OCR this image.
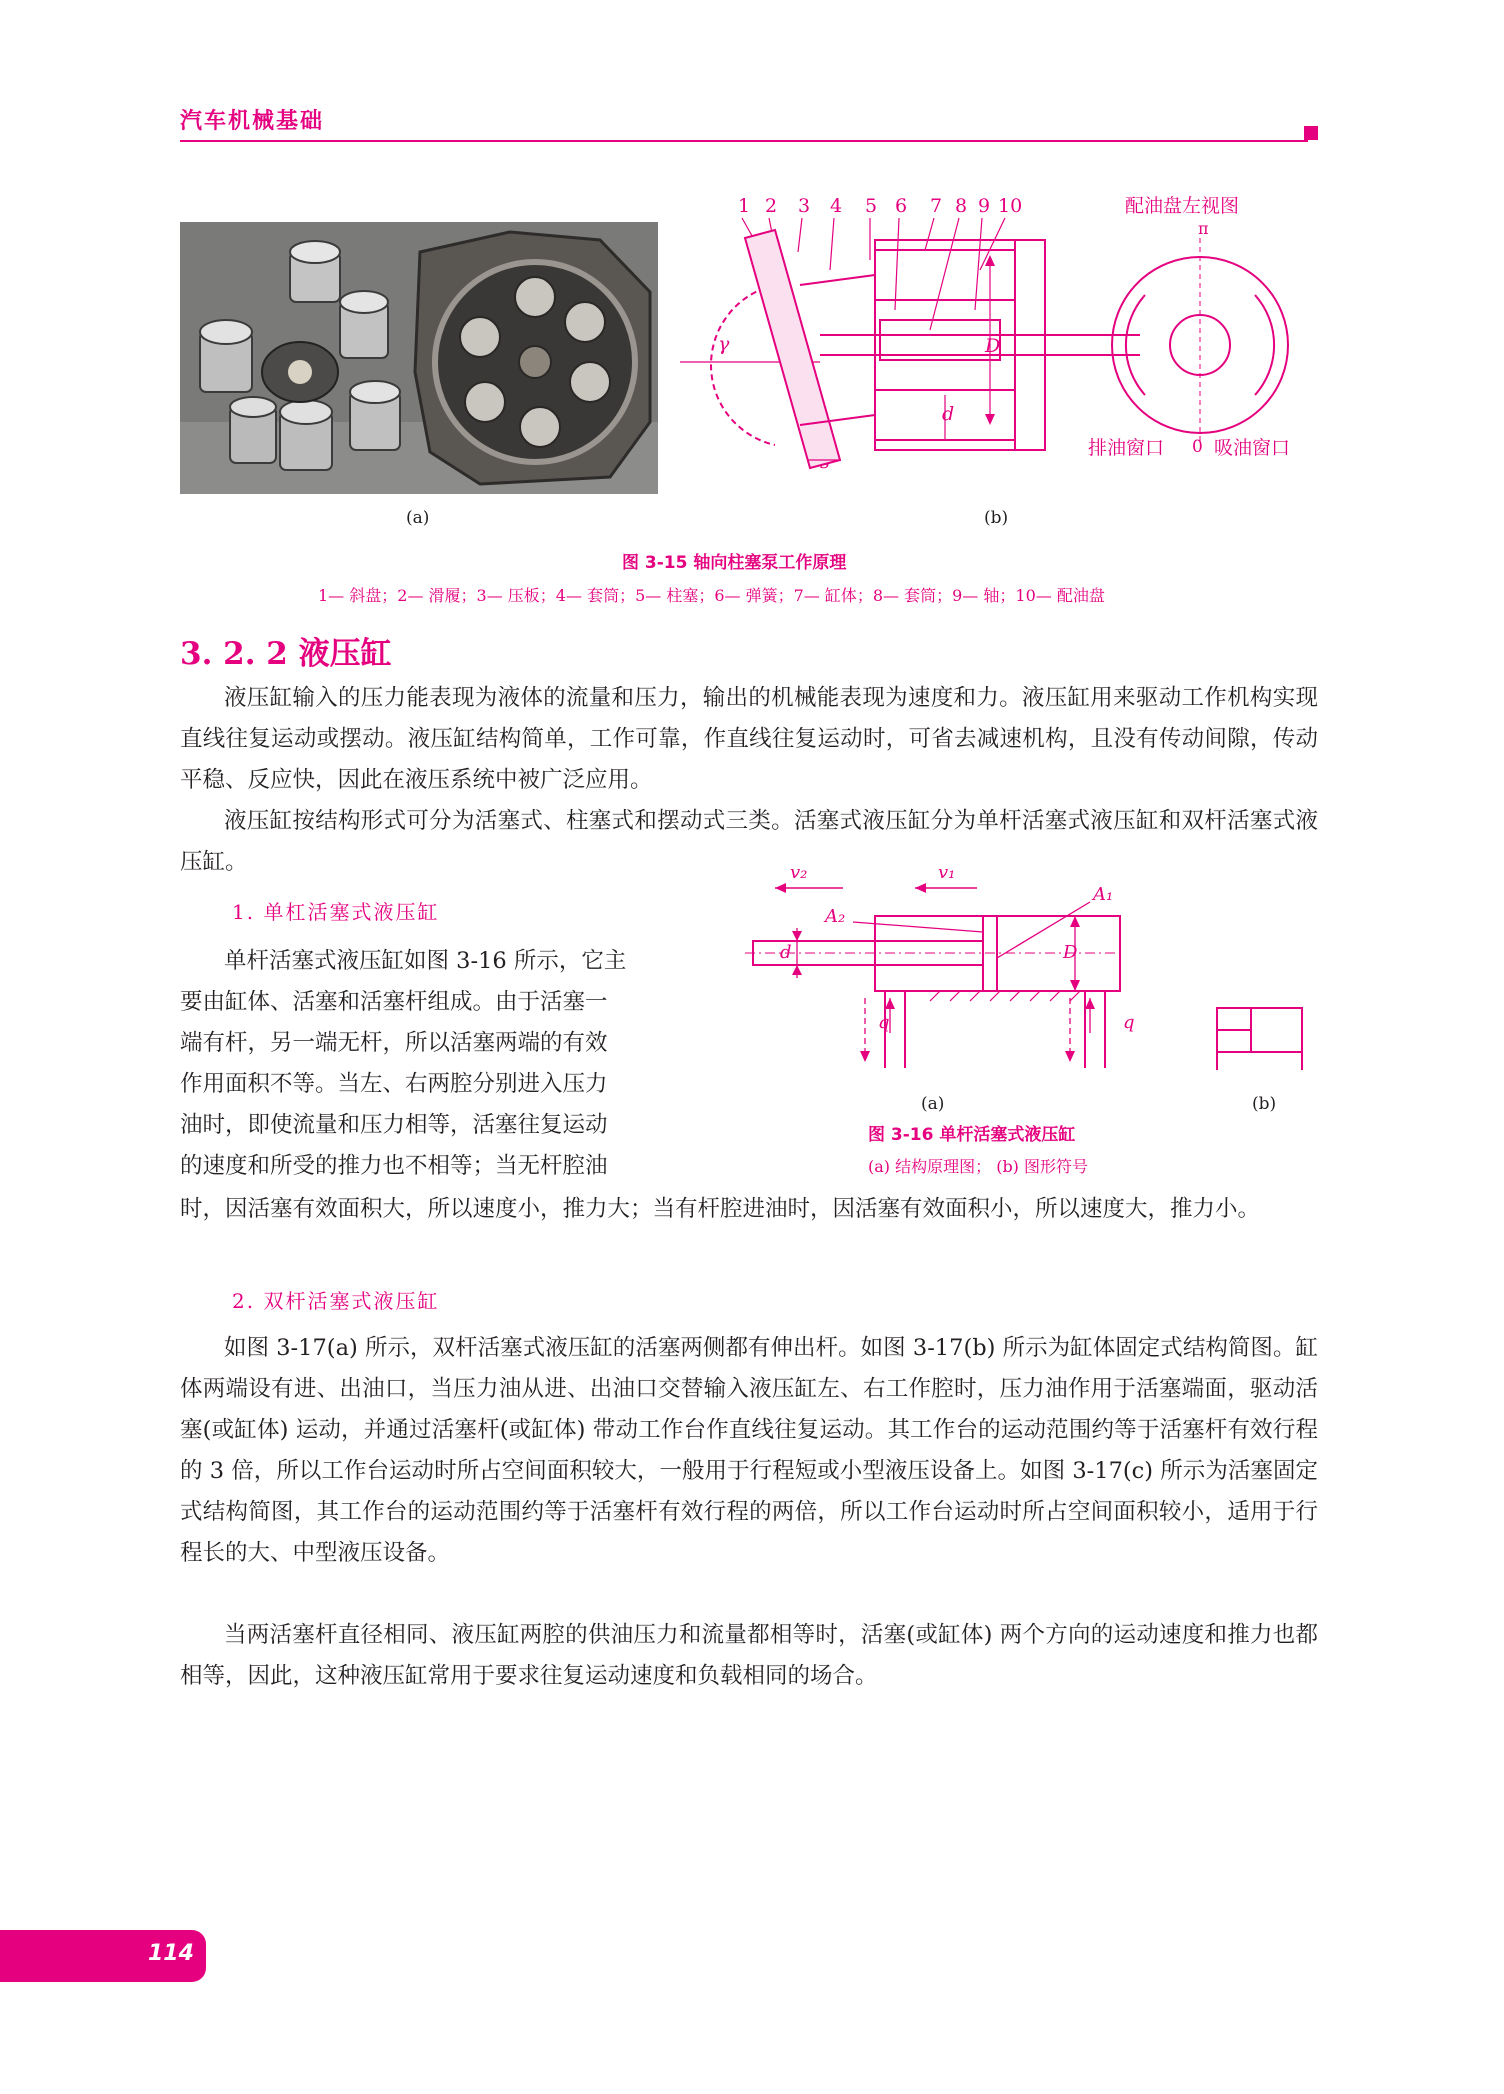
汽车机械基础
1 2 3 4 5 6 7 8 9 10	配油盘左视图
π
0
排油窗口	吸油窗口
γ
d
D
(a)	(b)
图 3-15 轴向柱塞泵工作原理
1— 斜盘；2— 滑履；3— 压板；4— 套筒；5— 柱塞；6— 弹簧；7— 缸体；8— 套筒；9— 轴；10— 配油盘
3. 2. 2 液压缸
液压缸输入的压力能表现为液体的流量和压力，输出的机械能表现为速度和力。液压缸用来驱动工作机构实现直线往复运动或摆动。液压缸结构简单，工作可靠，作直线往复运动时，可省去减速机构，且没有传动间隙，传动平稳、反应快，因此在液压系统中被广泛应用。
液压缸按结构形式可分为活塞式、柱塞式和摆动式三类。活塞式液压缸分为单杆活塞式液压缸和双杆活塞式液压缸。
1. 单杠活塞式液压缸
单杆活塞式液压缸如图 3-16 所示，它主
要由缸体、活塞和活塞杆组成。由于活塞一
端有杆，另一端无杆，所以活塞两端的有效
作用面积不等。当左、右两腔分别进入压力
油时，即使流量和压力相等，活塞往复运动
的速度和所受的推力也不相等；当无杆腔油
时，因活塞有效面积大，所以速度小，推力大；当有杆腔进油时，因活塞有效面积小，所以速度大，推力小。
v₂	v₁
A₁
A₂
d	D
q	q
(a)	(b)
图 3-16 单杆活塞式液压缸
(a) 结构原理图； (b) 图形符号
2. 双杆活塞式液压缸
如图 3-17(a) 所示，双杆活塞式液压缸的活塞两侧都有伸出杆。如图 3-17(b) 所示为缸体固定式结构简图。缸体两端设有进、出油口，当压力油从进、出油口交替输入液压缸左、右工作腔时，压力油作用于活塞端面，驱动活塞(或缸体) 运动，并通过活塞杆(或缸体) 带动工作台作直线往复运动。其工作台的运动范围约等于活塞杆有效行程的 3 倍，所以工作台运动时所占空间面积较大，一般用于行程短或小型液压设备上。如图 3-17(c) 所示为活塞固定式结构简图，其工作台的运动范围约等于活塞杆有效行程的两倍，所以工作台运动时所占空间面积较小，适用于行程长的大、中型液压设备。
当两活塞杆直径相同、液压缸两腔的供油压力和流量都相等时，活塞(或缸体) 两个方向的运动速度和推力也都相等，因此，这种液压缸常用于要求往复运动速度和负载相同的场合。
114
